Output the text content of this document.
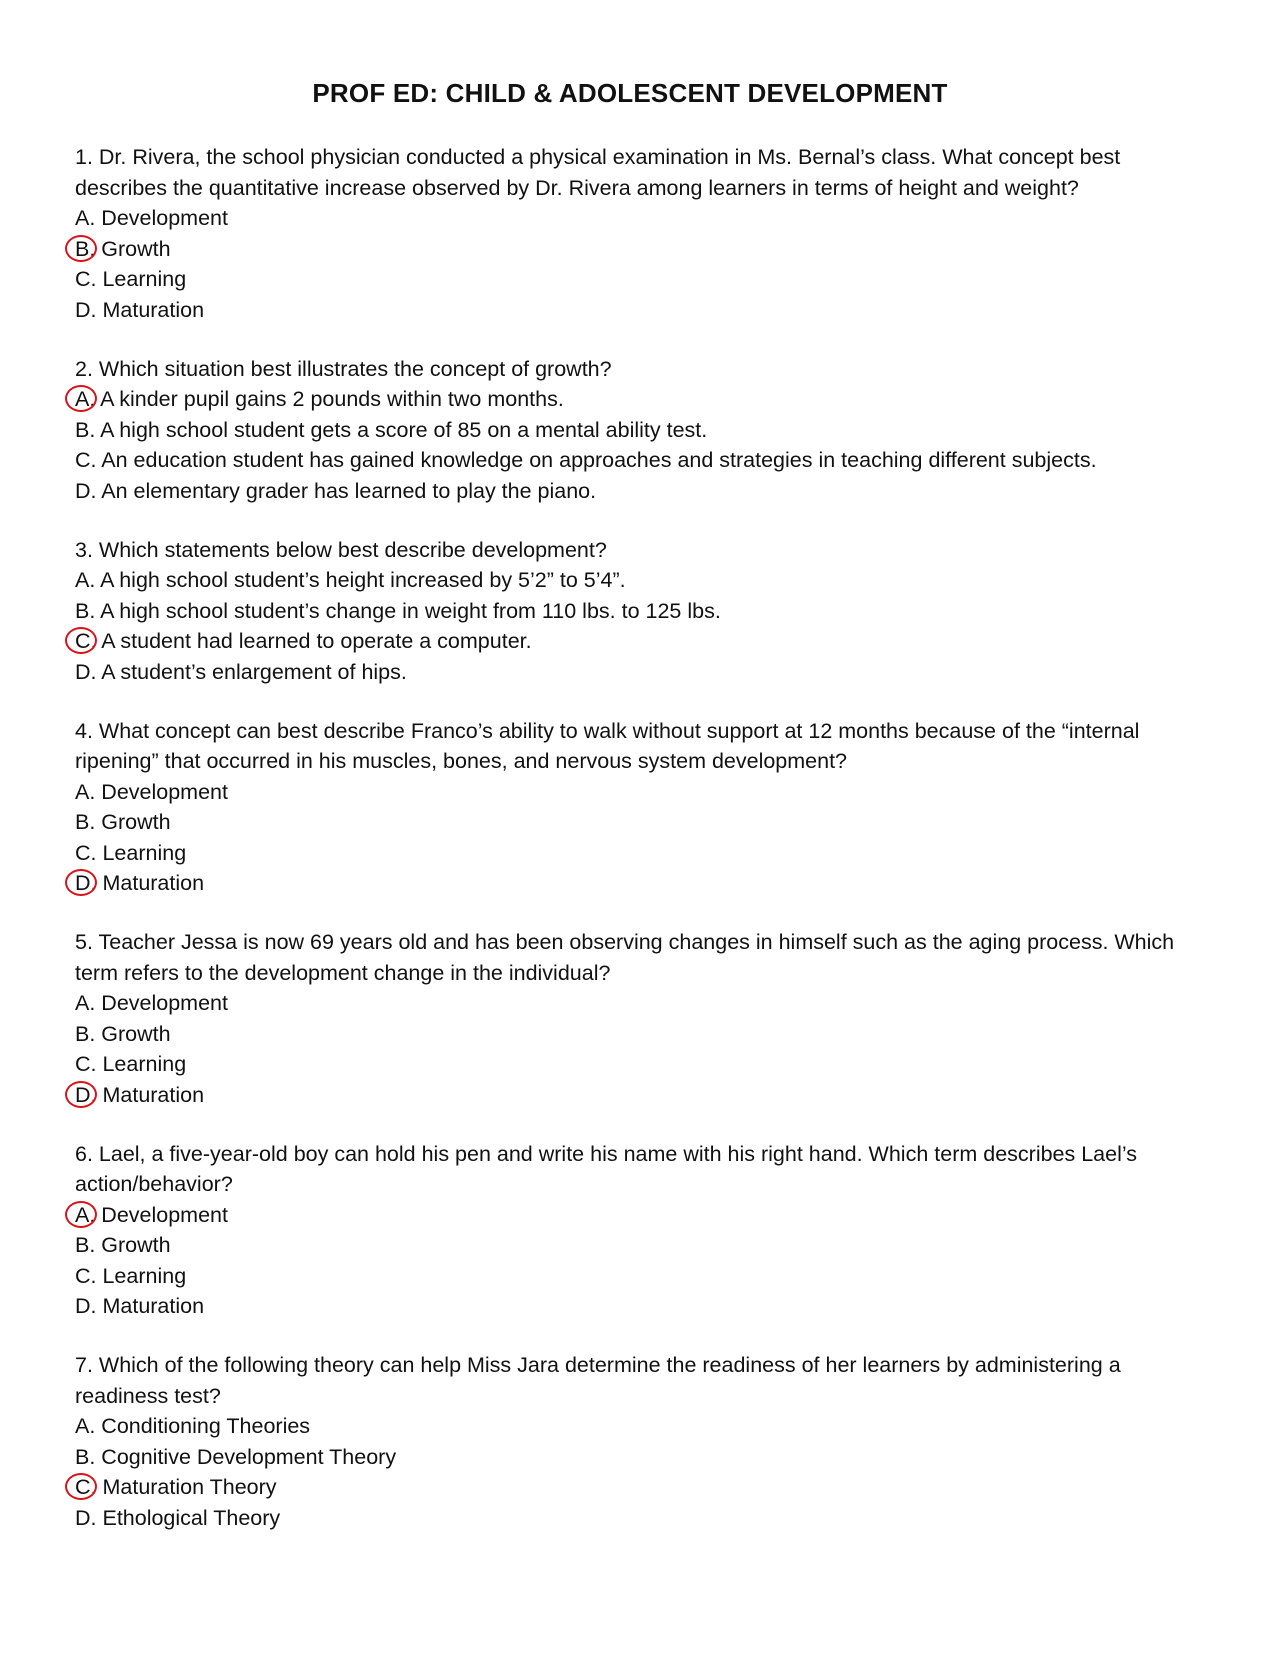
PROF ED: CHILD & ADOLESCENT DEVELOPMENT

1. Dr. Rivera, the school physician conducted a physical examination in Ms. Bernal’s class. What concept best describes the quantitative increase observed by Dr. Rivera among learners in terms of height and weight?

A. Development

B. Growth

C. Learning

D. Maturation

2. Which situation best illustrates the concept of growth?

A. A kinder pupil gains 2 pounds within two months.

B. A high school student gets a score of 85 on a mental ability test.

C. An education student has gained knowledge on approaches and strategies in teaching different subjects.

D. An elementary grader has learned to play the piano.

3. Which statements below best describe development?

A. A high school student’s height increased by 5’2” to 5’4”.

B. A high school student’s change in weight from 110 lbs. to 125 lbs.

C. A student had learned to operate a computer.

D. A student’s enlargement of hips.

4. What concept can best describe Franco’s ability to walk without support at 12 months because of the “internal ripening” that occurred in his muscles, bones, and nervous system development?

A. Development

B. Growth

C. Learning

D. Maturation

5. Teacher Jessa is now 69 years old and has been observing changes in himself such as the aging process. Which term refers to the development change in the individual?

A. Development

B. Growth

C. Learning

D. Maturation

6. Lael, a five-year-old boy can hold his pen and write his name with his right hand. Which term describes Lael’s action/behavior?

A. Development

B. Growth

C. Learning

D. Maturation

7. Which of the following theory can help Miss Jara determine the readiness of her learners by administering a readiness test?

A. Conditioning Theories

B. Cognitive Development Theory

C. Maturation Theory

D. Ethological Theory
